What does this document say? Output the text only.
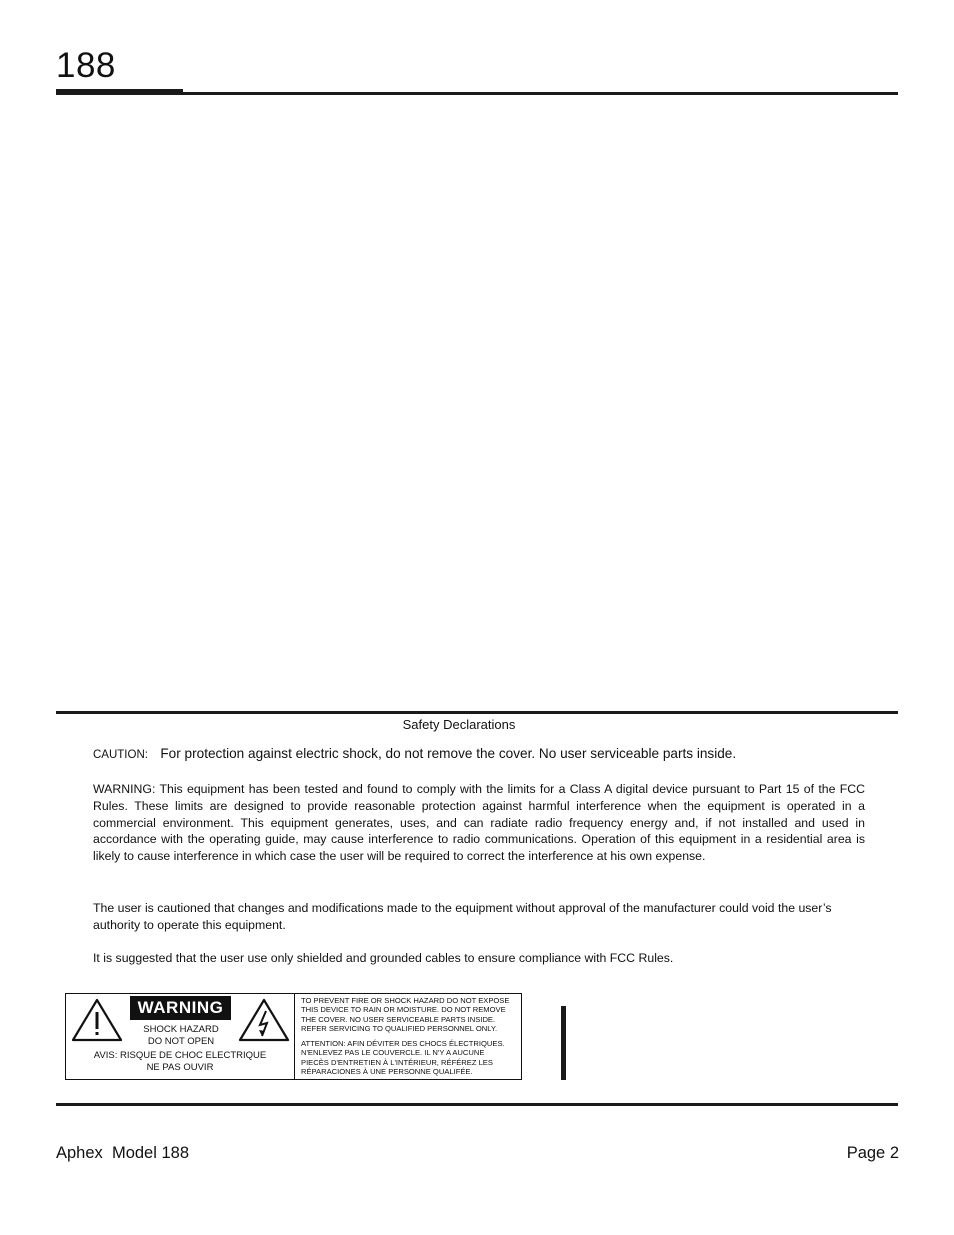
188
Safety Declarations
CAUTION: For protection against electric shock, do not remove the cover. No user serviceable parts inside.
WARNING: This equipment has been tested and found to comply with the limits for a Class A digital device pursuant to Part 15 of the FCC Rules. These limits are designed to provide reasonable protection against harmful interference when the equipment is operated in a commercial environment. This equipment generates, uses, and can radiate radio frequency energy and, if not installed and used in accordance with the operating guide, may cause interference to radio communications. Operation of this equipment in a residential area is likely to cause interference in which case the user will be required to correct the interference at his own expense.
The user is cautioned that changes and modifications made to the equipment without approval of the manufacturer could void the user’s authority to operate this equipment.
It is suggested that the user use only shielded and grounded cables to ensure compliance with FCC Rules.
WARNING
SHOCK HAZARD
DO NOT OPEN
AVIS: RISQUE DE CHOC ELECTRIQUE
NE PAS OUVIR
TO PREVENT FIRE OR SHOCK HAZARD DO NOT EXPOSE
THIS DEVICE TO RAIN OR MOISTURE. DO NOT REMOVE
THE COVER. NO USER SERVICEABLE PARTS INSIDE.
REFER SERVICING TO QUALIFIED PERSONNEL ONLY.
ATTENTION: AFIN DÉVITER DES CHOCS ÉLECTRIQUES.
N'ENLEVEZ PAS LE COUVERCLE. IL N'Y A AUCUNE
PIECÈS D'ENTRETIEN À L'INTÉRIEUR, RÉFÉREZ LES
RÉPARACIONES À UNE PERSONNE QUALIFÉE.
Aphex  Model 188	Page 2
